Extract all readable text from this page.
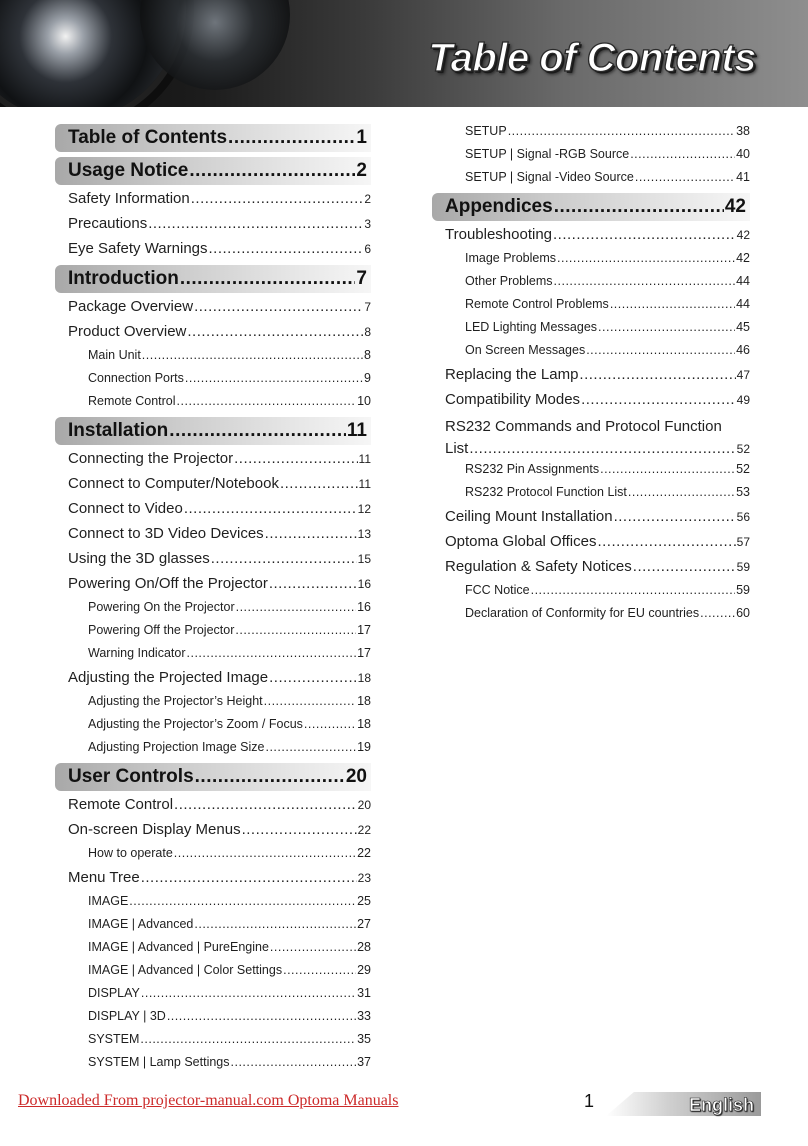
Table of Contents
Table of Contents .....	1
Usage Notice .....	2
Safety Information .....	2
Precautions .....	3
Eye Safety Warnings .....	6
Introduction .....	7
Package Overview .....	7
Product Overview .....	8
Main Unit .....	8
Connection Ports .....	9
Remote Control .....	10
Installation .....	11
Connecting the Projector .....	11
Connect to Computer/Notebook .....	11
Connect to Video .....	12
Connect to 3D Video Devices .....	13
Using the 3D glasses .....	15
Powering On/Off the Projector .....	16
Powering On the Projector .....	16
Powering Off the Projector .....	17
Warning Indicator .....	17
Adjusting the Projected Image .....	18
Adjusting the Projector’s Height .....	18
Adjusting the Projector’s Zoom / Focus .....	18
Adjusting Projection Image Size .....	19
User Controls .....	20
Remote Control .....	20
On-screen Display Menus .....	22
How to operate .....	22
Menu Tree .....	23
IMAGE .....	25
IMAGE | Advanced .....	27
IMAGE | Advanced | PureEngine .....	28
IMAGE | Advanced | Color Settings .....	29
DISPLAY .....	31
DISPLAY | 3D .....	33
SYSTEM .....	35
SYSTEM | Lamp Settings .....	37
SETUP .....	38
SETUP | Signal -RGB Source .....	40
SETUP | Signal -Video Source .....	41
Appendices .....	42
Troubleshooting .....	42
Image Problems .....	42
Other Problems .....	44
Remote Control Problems .....	44
LED Lighting Messages .....	45
On Screen Messages .....	46
Replacing the Lamp .....	47
Compatibility Modes .....	49
RS232 Commands and Protocol Function
List .....	52
RS232 Pin Assignments .....	52
RS232 Protocol Function List .....	53
Ceiling Mount Installation .....	56
Optoma Global Offices .....	57
Regulation & Safety Notices .....	59
FCC Notice .....	59
Declaration of Conformity for EU countries .....	60
Downloaded From projector-manual.com Optoma Manuals	1	English
